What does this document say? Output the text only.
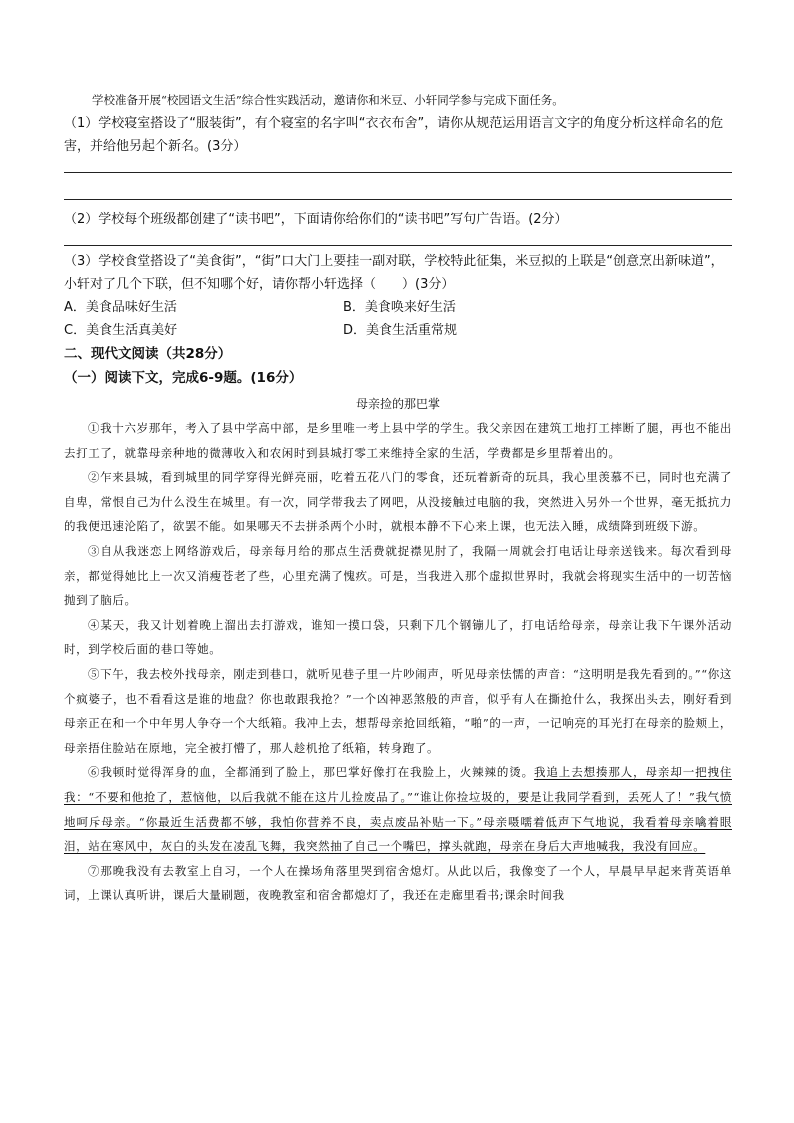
学校准备开展“校园语文生活”综合性实践活动，邀请你和米豆、小轩同学参与完成下面任务。

（1）学校寝室搭设了“服装街”，有个寝室的名字叫“衣衣布舍”，请你从规范运用语言文字的角度分析这样命名的危害，并给他另起个新名。(3分）

（2）学校每个班级都创建了“读书吧”，下面请你给你们的“读书吧”写句广告语。(2分）

（3）学校食堂搭设了“美食街”，“街”口大门上要挂一副对联，学校特此征集，米豆拟的上联是“创意烹出新味道”，小轩对了几个下联，但不知哪个好，请你帮小轩选择（　　）(3分）

A．美食品味好生活	B．美食唤来好生活
C．美食生活真美好	D．美食生活重常规

二、现代文阅读（共28分）

（一）阅读下文，完成6-9题。(16分）

母亲捡的那巴掌

①我十六岁那年，考入了县中学高中部，是乡里唯一考上县中学的学生。我父亲因在建筑工地打工摔断了腿，再也不能出去打工了，就靠母亲种地的微薄收入和农闲时到县城打零工来维持全家的生活，学费都是乡里帮着出的。

②乍来县城，看到城里的同学穿得光鲜亮丽，吃着五花八门的零食，还玩着新奇的玩具，我心里羡慕不已，同时也充满了自卑，常恨自己为什么没生在城里。有一次，同学带我去了网吧，从没接触过电脑的我，突然进入另外一个世界，毫无抵抗力的我便迅速沦陷了，欲罢不能。如果哪天不去拼杀两个小时，就根本静不下心来上课，也无法入睡，成绩降到班级下游。

③自从我迷恋上网络游戏后，母亲每月给的那点生活费就捉襟见肘了，我隔一周就会打电话让母亲送钱来。每次看到母亲，都觉得她比上一次又消瘦苍老了些，心里充满了愧疚。可是，当我进入那个虚拟世界时，我就会将现实生活中的一切苦恼抛到了脑后。

④某天，我又计划着晚上溜出去打游戏，谁知一摸口袋，只剩下几个钢镚儿了，打电话给母亲，母亲让我下午课外活动时，到学校后面的巷口等她。

⑤下午，我去校外找母亲，刚走到巷口，就听见巷子里一片吵闹声，听见母亲怯懦的声音：“这明明是我先看到的。”“你这个疯婆子，也不看看这是谁的地盘？你也敢跟我抢？”一个凶神恶煞般的声音，似乎有人在撕抢什么，我探出头去，刚好看到母亲正在和一个中年男人争夺一个大纸箱。我冲上去，想帮母亲抢回纸箱，“啪”的一声，一记响亮的耳光打在母亲的脸颊上，母亲捂住脸站在原地，完全被打懵了，那人趁机抢了纸箱，转身跑了。

⑥我顿时觉得浑身的血，全都涌到了脸上，那巴掌好像打在我脸上，火辣辣的烫。我追上去想揍那人，母亲却一把拽住我：“不要和他抢了，惹恼他，以后我就不能在这片儿捡废品了。”“谁让你捡垃圾的，要是让我同学看到，丢死人了！”我气愤地呵斥母亲。“你最近生活费都不够，我怕你营养不良，卖点废品补贴一下。”母亲嗫嚅着低声下气地说，我看着母亲噙着眼泪，站在寒风中，灰白的头发在凌乱飞舞，我突然抽了自己一个嘴巴，撑头就跑，母亲在身后大声地喊我，我没有回应。

⑦那晚我没有去教室上自习，一个人在操场角落里哭到宿舍熄灯。从此以后，我像变了一个人，早晨早早起来背英语单词，上课认真听讲，课后大量刷题，夜晚教室和宿舍都熄灯了，我还在走廊里看书;课余时间我
